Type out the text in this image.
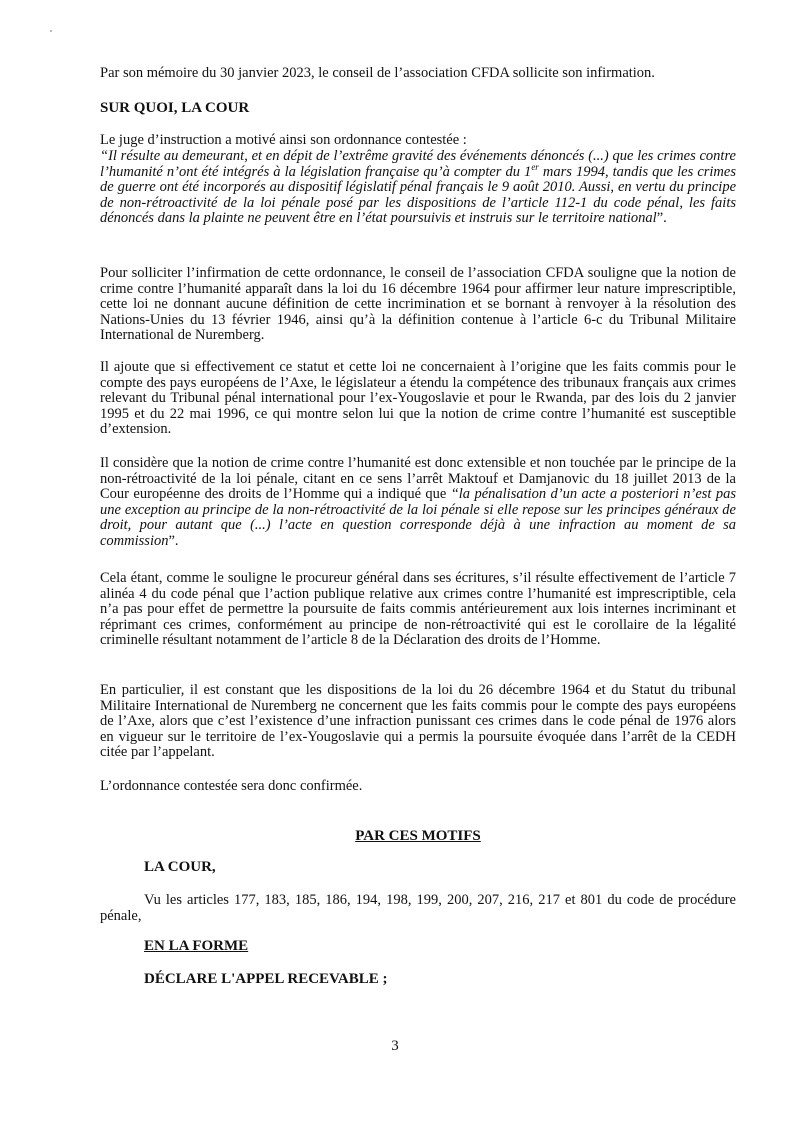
Par son mémoire du 30 janvier 2023, le conseil de l’association CFDA sollicite son infirmation.

SUR QUOI, LA COUR

Le juge d’instruction a motivé ainsi son ordonnance contestée :

“Il résulte au demeurant, et en dépit de l’extrême gravité des événements dénoncés (...) que les crimes contre l’humanité n’ont été intégrés à la législation française qu’à compter du 1er mars 1994, tandis que les crimes de guerre ont été incorporés au dispositif législatif pénal français le 9 août 2010. Aussi, en vertu du principe de non-rétroactivité de la loi pénale posé par les dispositions de l’article 112-1 du code pénal, les faits dénoncés dans la plainte ne peuvent être en l’état poursuivis et instruis sur le territoire national”.

Pour solliciter l’infirmation de cette ordonnance, le conseil de l’association CFDA souligne que la notion de crime contre l’humanité apparaît dans la loi du 16 décembre 1964 pour affirmer leur nature imprescriptible, cette loi ne donnant aucune définition de cette incrimination et se bornant à renvoyer à la résolution des Nations-Unies du 13 février 1946, ainsi qu’à la définition contenue à l’article 6-c du Tribunal Militaire International de Nuremberg.

Il ajoute que si effectivement ce statut et cette loi ne concernaient à l’origine que les faits commis pour le compte des pays européens de l’Axe, le législateur a étendu la compétence des tribunaux français aux crimes relevant du Tribunal pénal international pour l’ex-Yougoslavie et pour le Rwanda, par des lois du 2 janvier 1995 et du 22 mai 1996, ce qui montre selon lui que la notion de crime contre l’humanité est susceptible d’extension.

Il considère que la notion de crime contre l’humanité est donc extensible et non touchée par le principe de la non-rétroactivité de la loi pénale, citant en ce sens l’arrêt Maktouf et Damjanovic du 18 juillet 2013 de la Cour européenne des droits de l’Homme qui a indiqué que “la pénalisation d’un acte a posteriori n’est pas une exception au principe de la non-rétroactivité de la loi pénale si elle repose sur les principes généraux de droit, pour autant que (...) l’acte en question corresponde déjà à une infraction au moment de sa commission”.

Cela étant, comme le souligne le procureur général dans ses écritures, s’il résulte effectivement de l’article 7 alinéa 4 du code pénal que l’action publique relative aux crimes contre l’humanité est imprescriptible, cela n’a pas pour effet de permettre la poursuite de faits commis antérieurement aux lois internes incriminant et réprimant ces crimes, conformément au principe de non-rétroactivité qui est le corollaire de la légalité criminelle résultant notamment de l’article 8 de la Déclaration des droits de l’Homme.

En particulier, il est constant que les dispositions de la loi du 26 décembre 1964 et du Statut du tribunal Militaire International de Nuremberg ne concernent que les faits commis pour le compte des pays européens de l’Axe, alors que c’est l’existence d’une infraction punissant ces crimes dans le code pénal de 1976 alors en vigueur sur le territoire de l’ex-Yougoslavie qui a permis la poursuite évoquée dans l’arrêt de la CEDH citée par l’appelant.

L’ordonnance contestée sera donc confirmée.

PAR CES MOTIFS

LA COUR,

Vu les articles 177, 183, 185, 186, 194, 198, 199, 200, 207, 216, 217 et 801 du code de procédure pénale,

EN LA FORME

DÉCLARE L'APPEL RECEVABLE ;

3
